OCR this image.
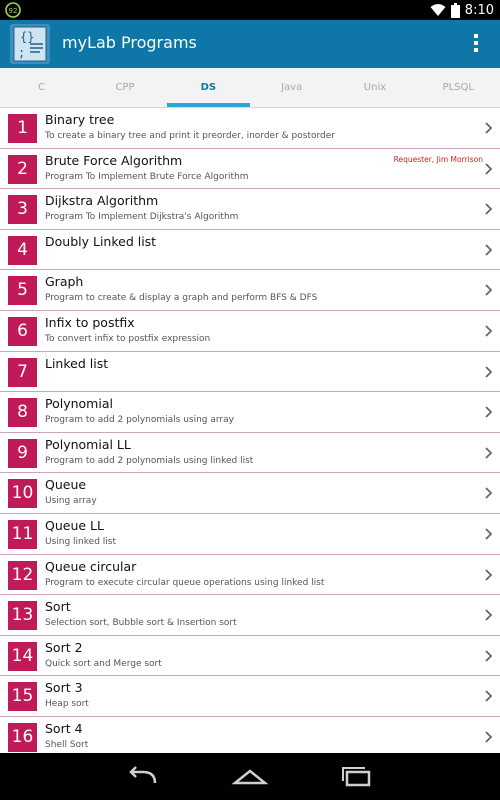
92	8:10
{}
;
myLab Programs
C	CPP	DS	Java	Unix	PLSQL
1	Binary tree
To create a binary tree and print it preorder, inorder & postorder
2	Brute Force Algorithm
Program To Implement Brute Force Algorithm
Requester, Jim Morrison
3	Dijkstra Algorithm
Program To Implement Dijkstra's Algorithm
4	Doubly Linked list
5	Graph
Program to create & display a graph and perform BFS & DFS
6	Infix to postfix
To convert infix to postfix expression
7	Linked list
8	Polynomial
Program to add 2 polynomials using array
9	Polynomial LL
Program to add 2 polynomials using linked list
10 Queue
Using array
11 Queue LL
Using linked list
12 Queue circular
Program to execute circular queue operations using linked list
13 Sort
Selection sort, Bubble sort & Insertion sort
14 Sort 2
Quick sort and Merge sort
15 Sort 3
Heap sort
16 Sort 4
Shell Sort
